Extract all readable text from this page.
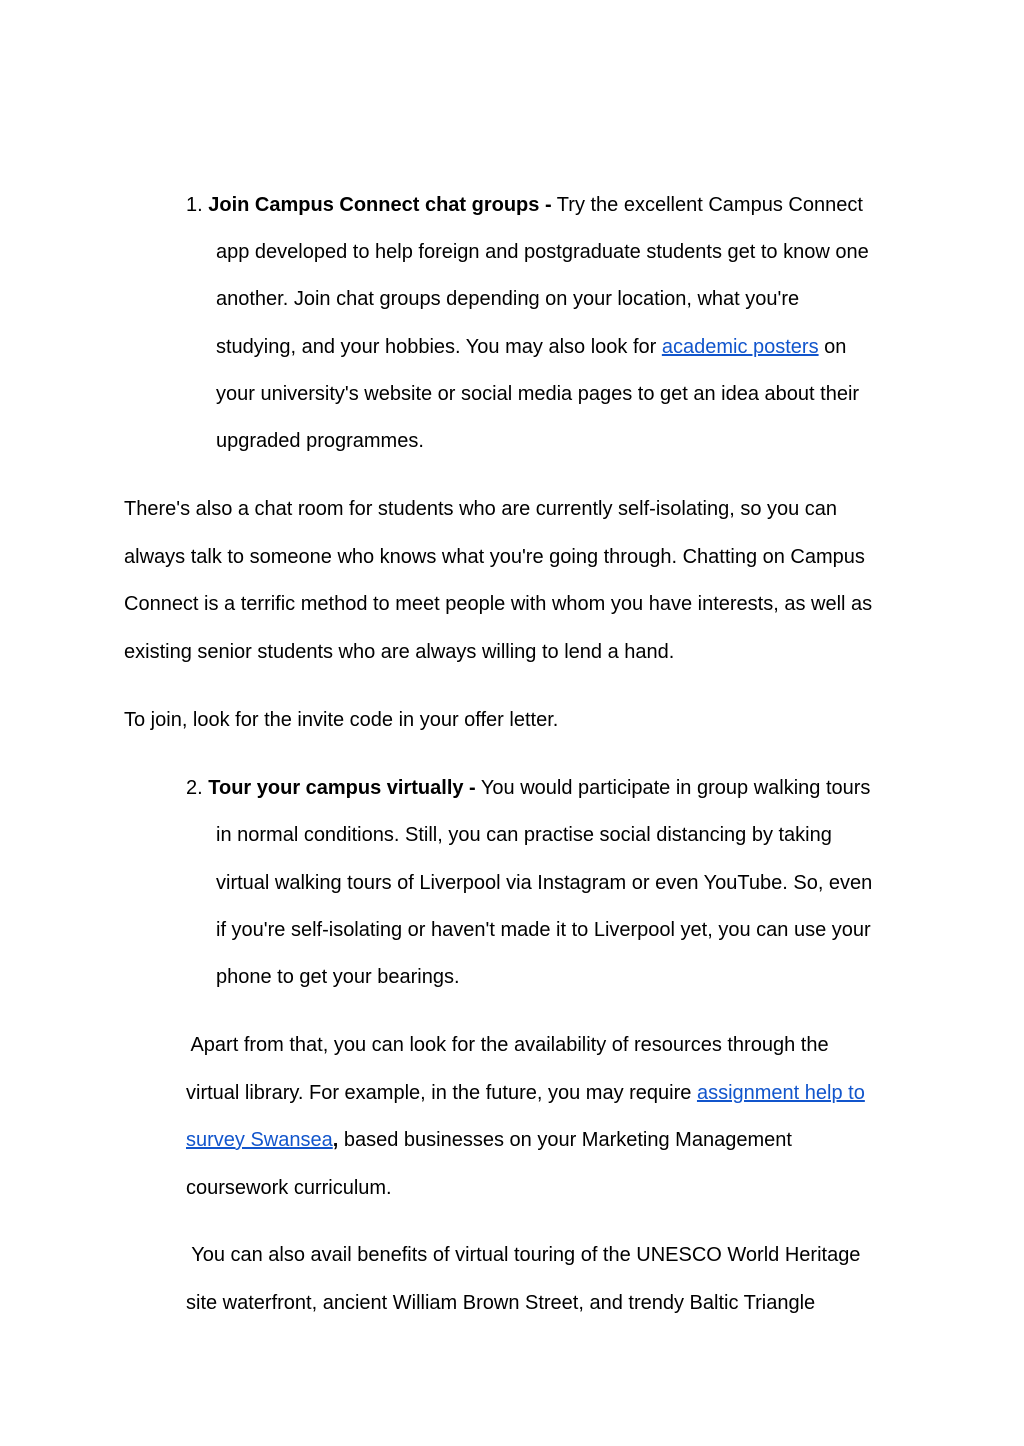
1. Join Campus Connect chat groups - Try the excellent Campus Connect
app developed to help foreign and postgraduate students get to know one
another. Join chat groups depending on your location, what you're
studying, and your hobbies. You may also look for academic posters on
your university's website or social media pages to get an idea about their
upgraded programmes.
There's also a chat room for students who are currently self-isolating, so you can
always talk to someone who knows what you're going through. Chatting on Campus
Connect is a terrific method to meet people with whom you have interests, as well as
existing senior students who are always willing to lend a hand.
To join, look for the invite code in your offer letter.
2. Tour your campus virtually - You would participate in group walking tours
in normal conditions. Still, you can practise social distancing by taking
virtual walking tours of Liverpool via Instagram or even YouTube. So, even
if you're self-isolating or haven't made it to Liverpool yet, you can use your
phone to get your bearings.
Apart from that, you can look for the availability of resources through the
virtual library. For example, in the future, you may require assignment help to
survey Swansea, based businesses on your Marketing Management
coursework curriculum.
You can also avail benefits of virtual touring of the UNESCO World Heritage
site waterfront, ancient William Brown Street, and trendy Baltic Triangle
